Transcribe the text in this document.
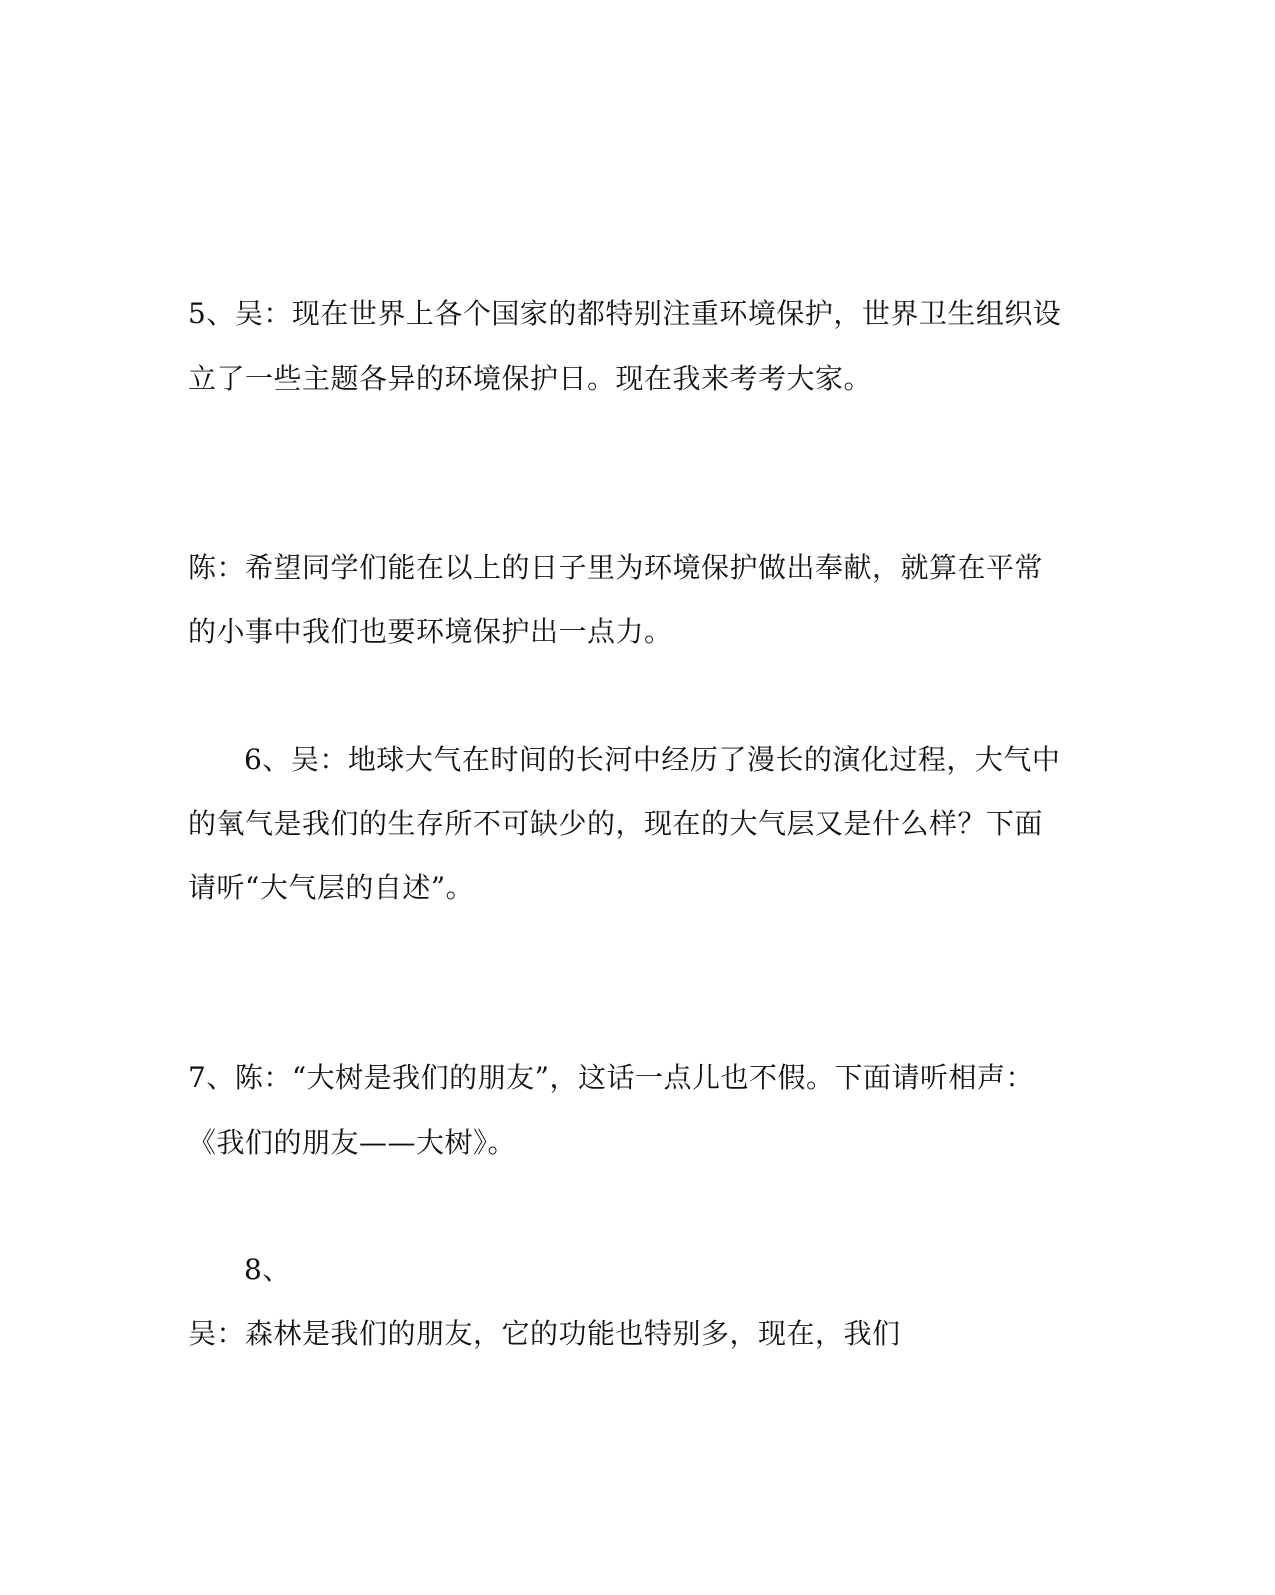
5、吴：现在世界上各个国家的都特别注重环境保护，世界卫生组织设
立了一些主题各异的环境保护日。现在我来考考大家。
陈：希望同学们能在以上的日子里为环境保护做出奉献，就算在平常
的小事中我们也要环境保护出一点力。
6、吴：地球大气在时间的长河中经历了漫长的演化过程，大气中
的氧气是我们的生存所不可缺少的，现在的大气层又是什么样？下面
请听“大气层的自述”。
7、陈：“大树是我们的朋友”，这话一点儿也不假。下面请听相声：
《我们的朋友——大树》。
8、
吴：森林是我们的朋友，它的功能也特别多，现在，我们
